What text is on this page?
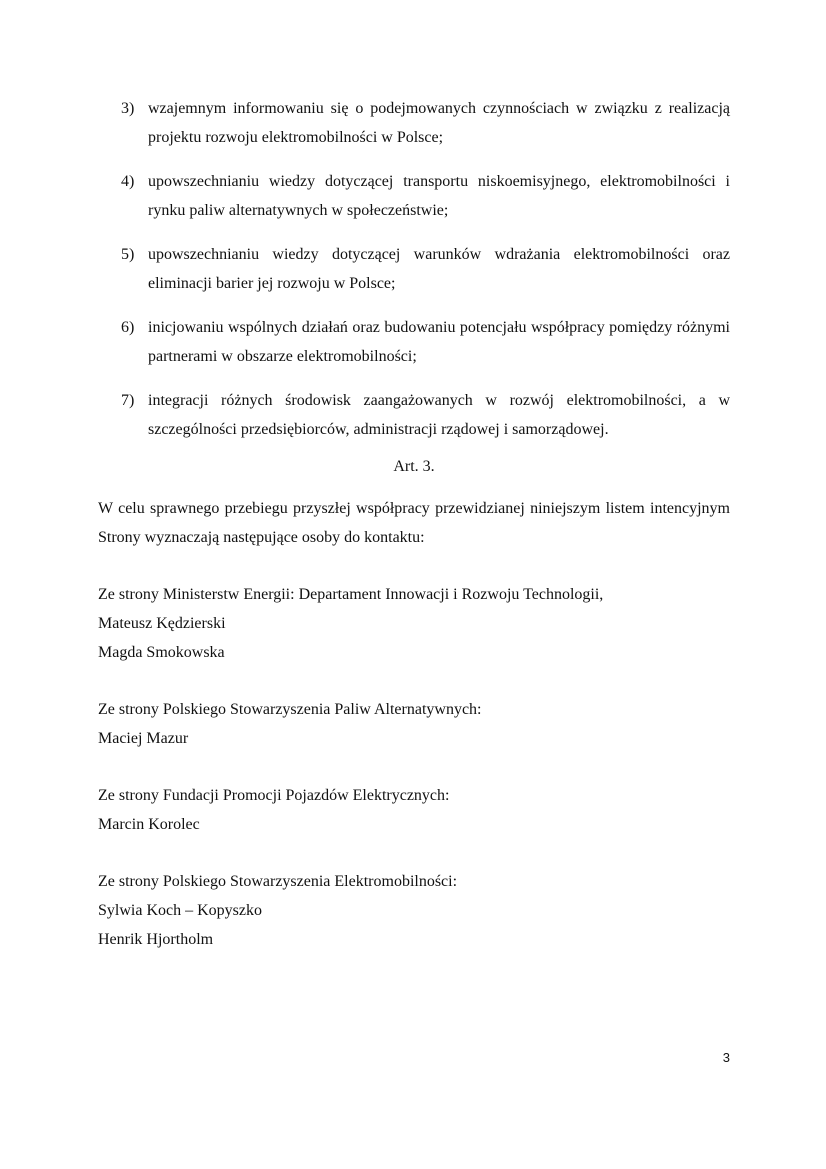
3) wzajemnym informowaniu się o podejmowanych czynnościach w związku z realizacją projektu rozwoju elektromobilności w Polsce;
4) upowszechnianiu wiedzy dotyczącej transportu niskoemisyjnego, elektromobilności i rynku paliw alternatywnych w społeczeństwie;
5) upowszechnianiu wiedzy dotyczącej warunków wdrażania elektromobilności oraz eliminacji barier jej rozwoju w Polsce;
6) inicjowaniu wspólnych działań oraz budowaniu potencjału współpracy pomiędzy różnymi partnerami w obszarze elektromobilności;
7) integracji różnych środowisk zaangażowanych w rozwój elektromobilności, a w szczególności przedsiębiorców, administracji rządowej i samorządowej.
Art. 3.

W celu sprawnego przebiegu przyszłej współpracy przewidzianej niniejszym listem intencyjnym Strony wyznaczają następujące osoby do kontaktu:

Ze strony Ministerstw Energii: Departament Innowacji i Rozwoju Technologii,

Mateusz Kędzierski

Magda Smokowska

Ze strony Polskiego Stowarzyszenia Paliw Alternatywnych:

Maciej Mazur

Ze strony Fundacji Promocji Pojazdów Elektrycznych:

Marcin Korolec

Ze strony Polskiego Stowarzyszenia Elektromobilności:

Sylwia Koch – Kopyszko

Henrik Hjortholm

3
